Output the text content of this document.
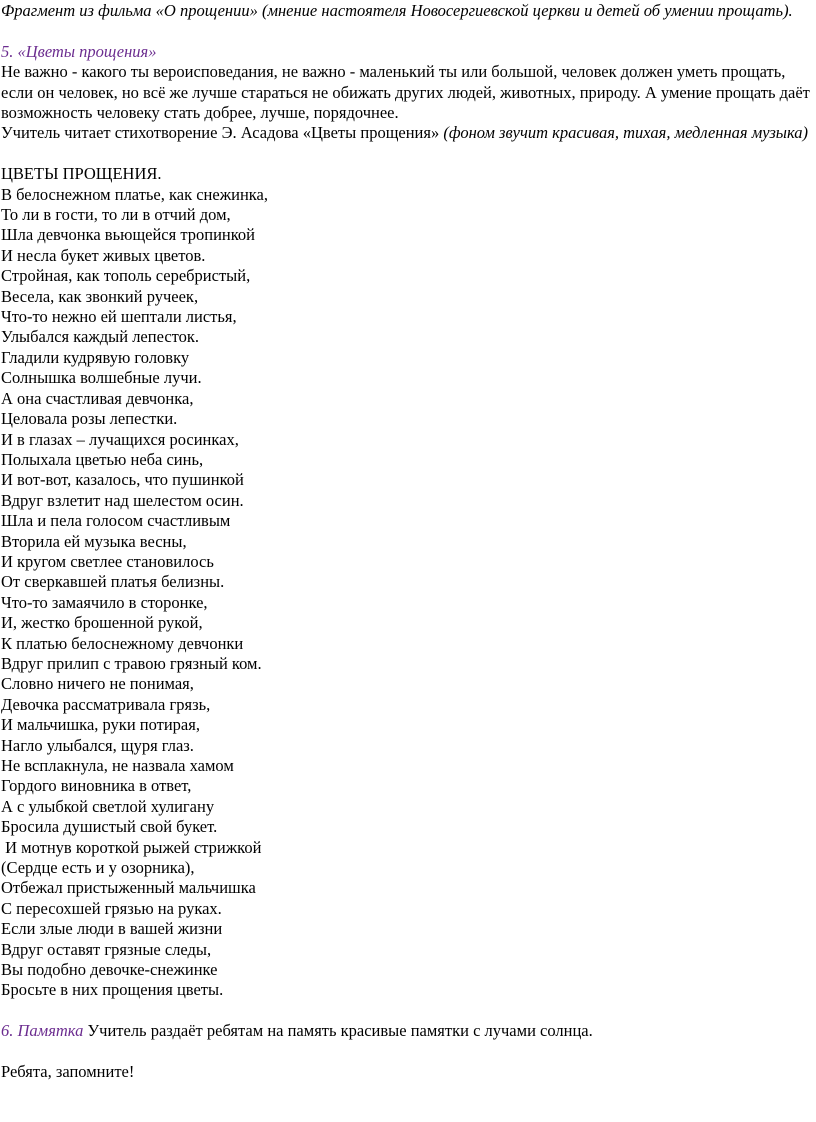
Фрагмент из фильма «О прощении» (мнение настоятеля Новосергиевской церкви и детей об умении прощать).

5. «Цветы прощения»

Не важно - какого ты вероисповедания, не важно - маленький ты или большой, человек должен уметь прощать, если он человек, но всё же лучше стараться не обижать других людей, животных, природу. А умение прощать даёт возможность человеку стать добрее, лучше, порядочнее.

Учитель читает стихотворение Э. Асадова «Цветы прощения» (фоном звучит красивая, тихая, медленная музыка)

ЦВЕТЫ ПРОЩЕНИЯ.

В белоснежном платье, как снежинка,
То ли в гости, то ли в отчий дом,
Шла девчонка вьющейся тропинкой
И несла букет живых цветов.
Стройная, как тополь серебристый,
Весела, как звонкий ручеек,
Что-то нежно ей шептали листья,
Улыбался каждый лепесток.
Гладили кудрявую головку
Солнышка волшебные лучи.
А она счастливая девчонка,
Целовала розы лепестки.
И в глазах – лучащихся росинках,
Полыхала цветью неба синь,
И вот-вот, казалось, что пушинкой
Вдруг взлетит над шелестом осин.
Шла и пела голосом счастливым
Вторила ей музыка весны,
И кругом светлее становилось
От сверкавшей платья белизны.
Что-то замаячило в сторонке,
И, жестко брошенной рукой,
К платью белоснежному девчонки
Вдруг прилип с травою грязный ком.
Словно ничего не понимая,
Девочка рассматривала грязь,
И мальчишка, руки потирая,
Нагло улыбался, щуря глаз.
Не всплакнула, не назвала хамом
Гордого виновника в ответ,
А с улыбкой светлой хулигану
Бросила душистый свой букет.
И мотнув короткой рыжей стрижкой
(Сердце есть и у озорника),
Отбежал пристыженный мальчишка
С пересохшей грязью на руках.
Если злые люди в вашей жизни
Вдруг оставят грязные следы,
Вы подобно девочке-снежинке
Бросьте в них прощения цветы.

6. Памятка Учитель раздаёт ребятам на память красивые памятки с лучами солнца.

Ребята, запомните!
